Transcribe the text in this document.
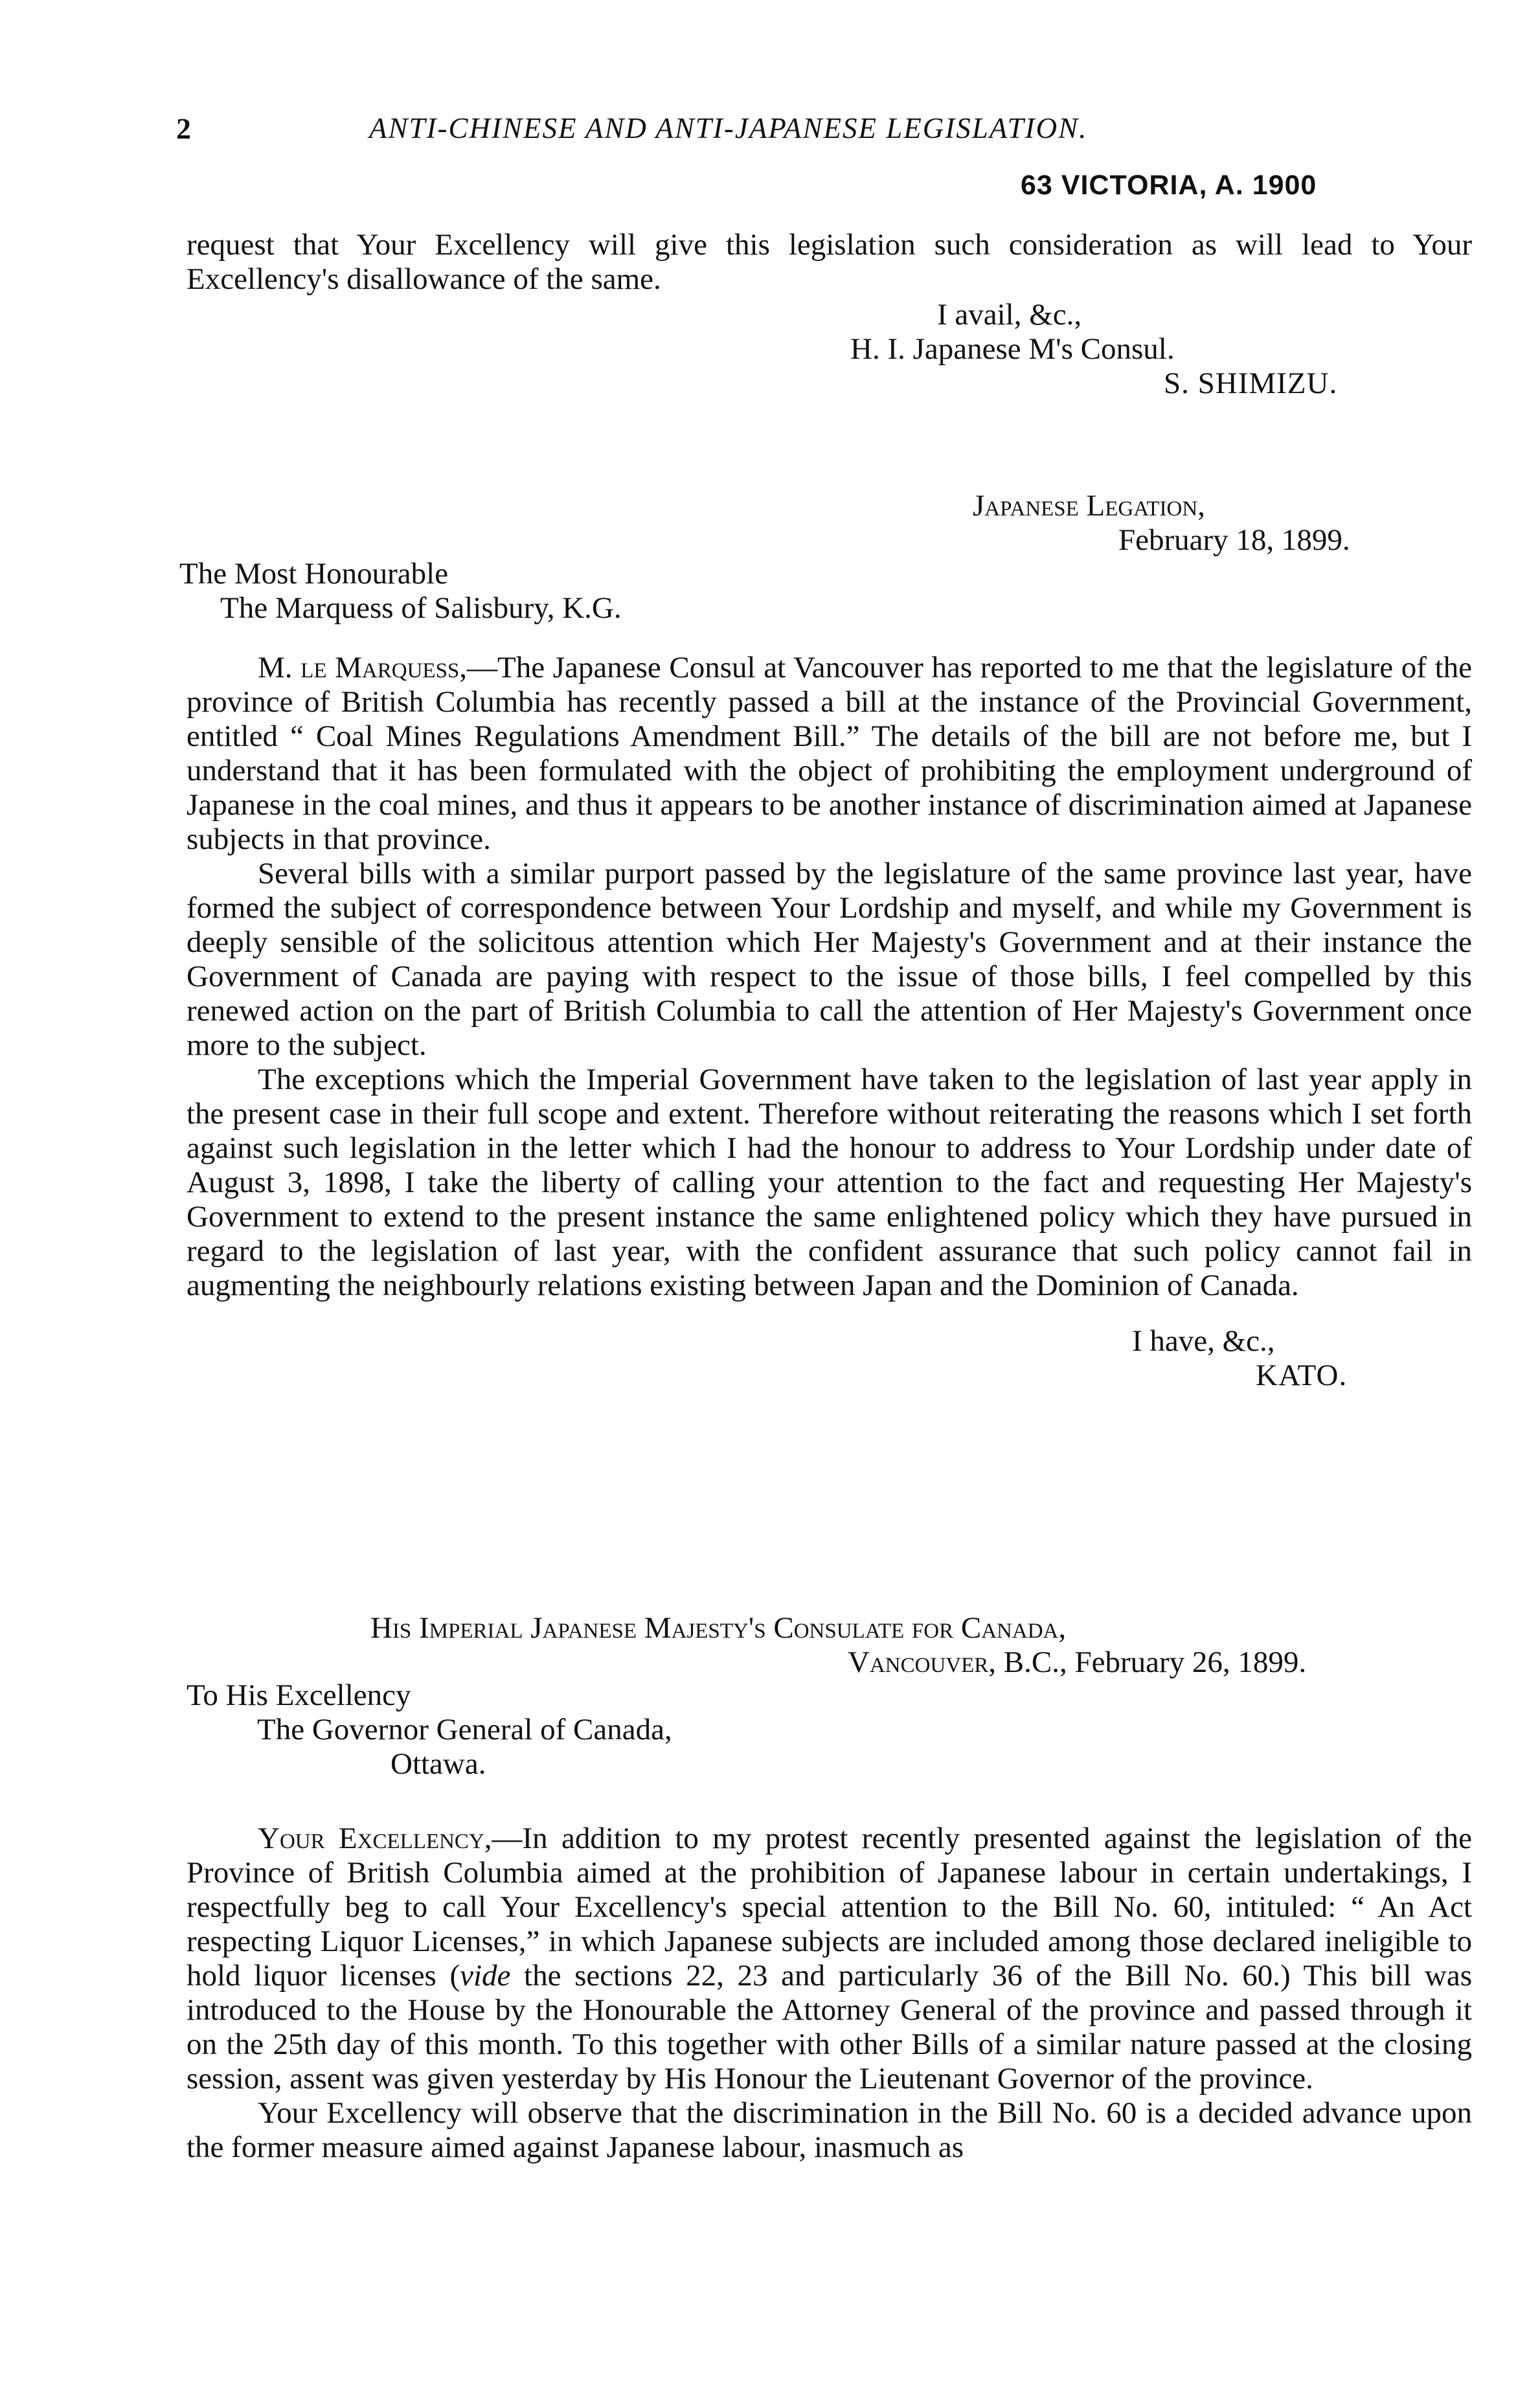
2	ANTI-CHINESE AND ANTI-JAPANESE LEGISLATION.
63 VICTORIA, A. 1900

request that Your Excellency will give this legislation such consideration as will lead to Your Excellency's disallowance of the same.

I avail, &c.,
H. I. Japanese M's Consul.
S. SHIMIZU.
Japanese Legation,
February 18, 1899.
The Most Honourable
The Marquess of Salisbury, K.G.

M. le Marquess,—The Japanese Consul at Vancouver has reported to me that the legislature of the province of British Columbia has recently passed a bill at the instance of the Provincial Government, entitled “ Coal Mines Regulations Amendment Bill.” The details of the bill are not before me, but I understand that it has been formulated with the object of prohibiting the employment underground of Japanese in the coal mines, and thus it appears to be another instance of discrimination aimed at Japanese subjects in that province.

Several bills with a similar purport passed by the legislature of the same province last year, have formed the subject of correspondence between Your Lordship and myself, and while my Government is deeply sensible of the solicitous attention which Her Majesty's Government and at their instance the Government of Canada are paying with respect to the issue of those bills, I feel compelled by this renewed action on the part of British Columbia to call the attention of Her Majesty's Government once more to the subject.

The exceptions which the Imperial Government have taken to the legislation of last year apply in the present case in their full scope and extent. Therefore without reiterating the reasons which I set forth against such legislation in the letter which I had the honour to address to Your Lordship under date of August 3, 1898, I take the liberty of calling your attention to the fact and requesting Her Majesty's Government to extend to the present instance the same enlightened policy which they have pursued in regard to the legislation of last year, with the confident assurance that such policy cannot fail in augmenting the neighbourly relations existing between Japan and the Dominion of Canada.

I have, &c.,
KATO.
His Imperial Japanese Majesty's Consulate for Canada,
Vancouver, B.C., February 26, 1899.
To His Excellency
The Governor General of Canada,
Ottawa.

Your Excellency,—In addition to my protest recently presented against the legislation of the Province of British Columbia aimed at the prohibition of Japanese labour in certain undertakings, I respectfully beg to call Your Excellency's special attention to the Bill No. 60, intituled: “ An Act respecting Liquor Licenses,” in which Japanese subjects are included among those declared ineligible to hold liquor licenses (vide the sections 22, 23 and particularly 36 of the Bill No. 60.) This bill was introduced to the House by the Honourable the Attorney General of the province and passed through it on the 25th day of this month. To this together with other Bills of a similar nature passed at the closing session, assent was given yesterday by His Honour the Lieutenant Governor of the province.

Your Excellency will observe that the discrimination in the Bill No. 60 is a decided advance upon the former measure aimed against Japanese labour, inasmuch as
